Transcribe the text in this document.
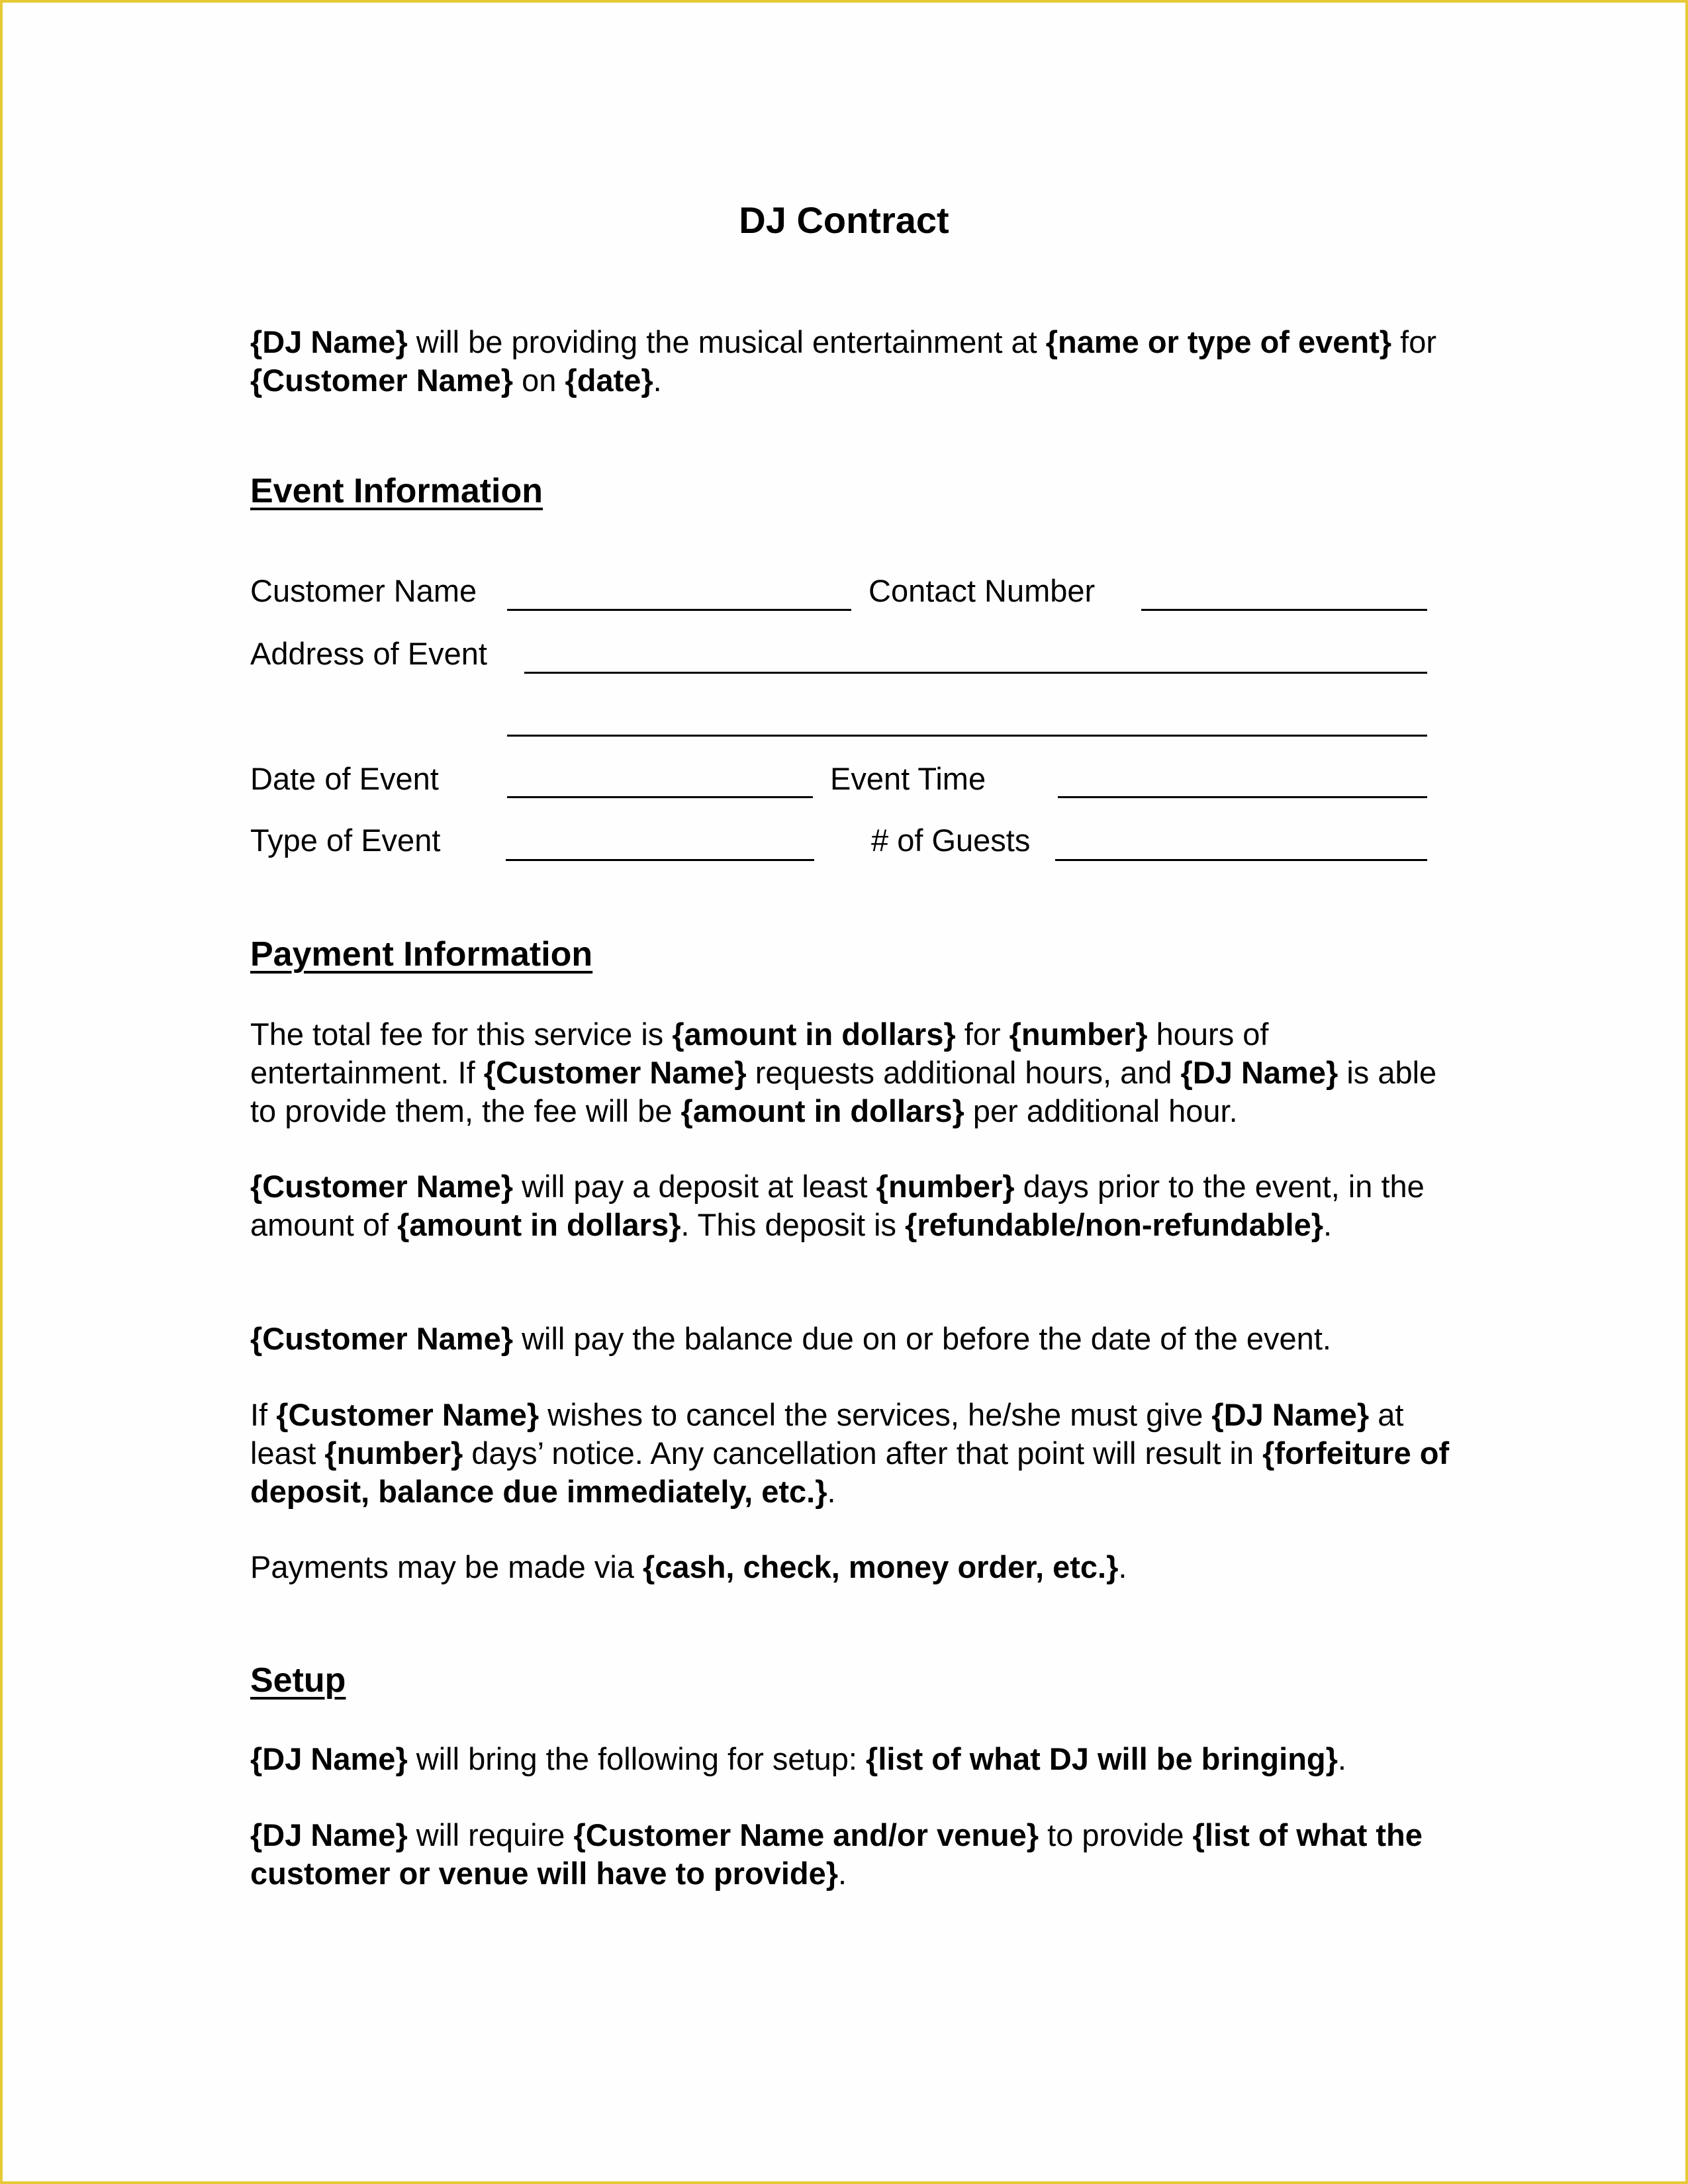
DJ Contract
{DJ Name} will be providing the musical entertainment at {name or type of event} for {Customer Name} on {date}.
Event Information
Customer Name	Contact Number
Address of Event
Date of Event	Event Time
Type of Event	# of Guests
Payment Information
The total fee for this service is {amount in dollars} for {number} hours of entertainment. If {Customer Name} requests additional hours, and {DJ Name} is able to provide them, the fee will be {amount in dollars} per additional hour.
{Customer Name} will pay a deposit at least {number} days prior to the event, in the amount of {amount in dollars}. This deposit is {refundable/non-refundable}.
{Customer Name} will pay the balance due on or before the date of the event.
If {Customer Name} wishes to cancel the services, he/she must give {DJ Name} at least {number} days’ notice. Any cancellation after that point will result in {forfeiture of deposit, balance due immediately, etc.}.
Payments may be made via {cash, check, money order, etc.}.
Setup
{DJ Name} will bring the following for setup: {list of what DJ will be bringing}.
{DJ Name} will require {Customer Name and/or venue} to provide {list of what the customer or venue will have to provide}.
